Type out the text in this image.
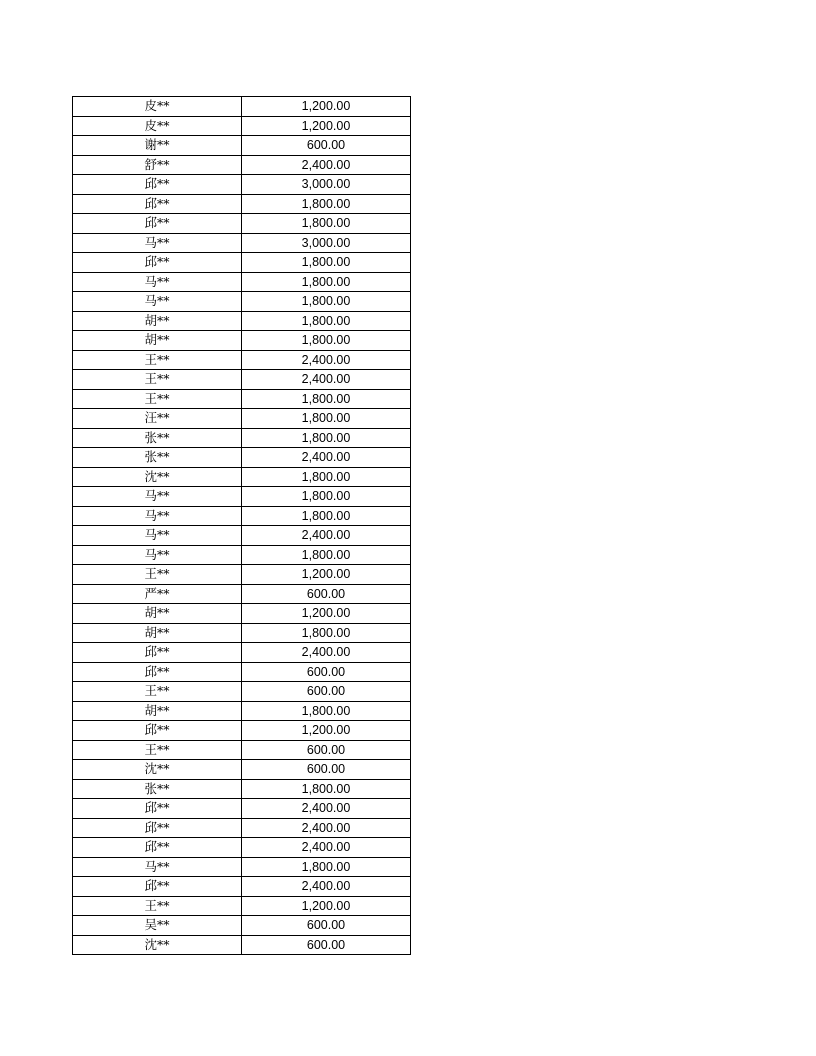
皮**	1,200.00
皮**	1,200.00
谢**	600.00
舒**	2,400.00
邱**	3,000.00
邱**	1,800.00
邱**	1,800.00
马**	3,000.00
邱**	1,800.00
马**	1,800.00
马**	1,800.00
胡**	1,800.00
胡**	1,800.00
王**	2,400.00
王**	2,400.00
王**	1,800.00
汪**	1,800.00
张**	1,800.00
张**	2,400.00
沈**	1,800.00
马**	1,800.00
马**	1,800.00
马**	2,400.00
马**	1,800.00
王**	1,200.00
严**	600.00
胡**	1,200.00
胡**	1,800.00
邱**	2,400.00
邱**	600.00
王**	600.00
胡**	1,800.00
邱**	1,200.00
王**	600.00
沈**	600.00
张**	1,800.00
邱**	2,400.00
邱**	2,400.00
邱**	2,400.00
马**	1,800.00
邱**	2,400.00
王**	1,200.00
吴**	600.00
沈**	600.00
